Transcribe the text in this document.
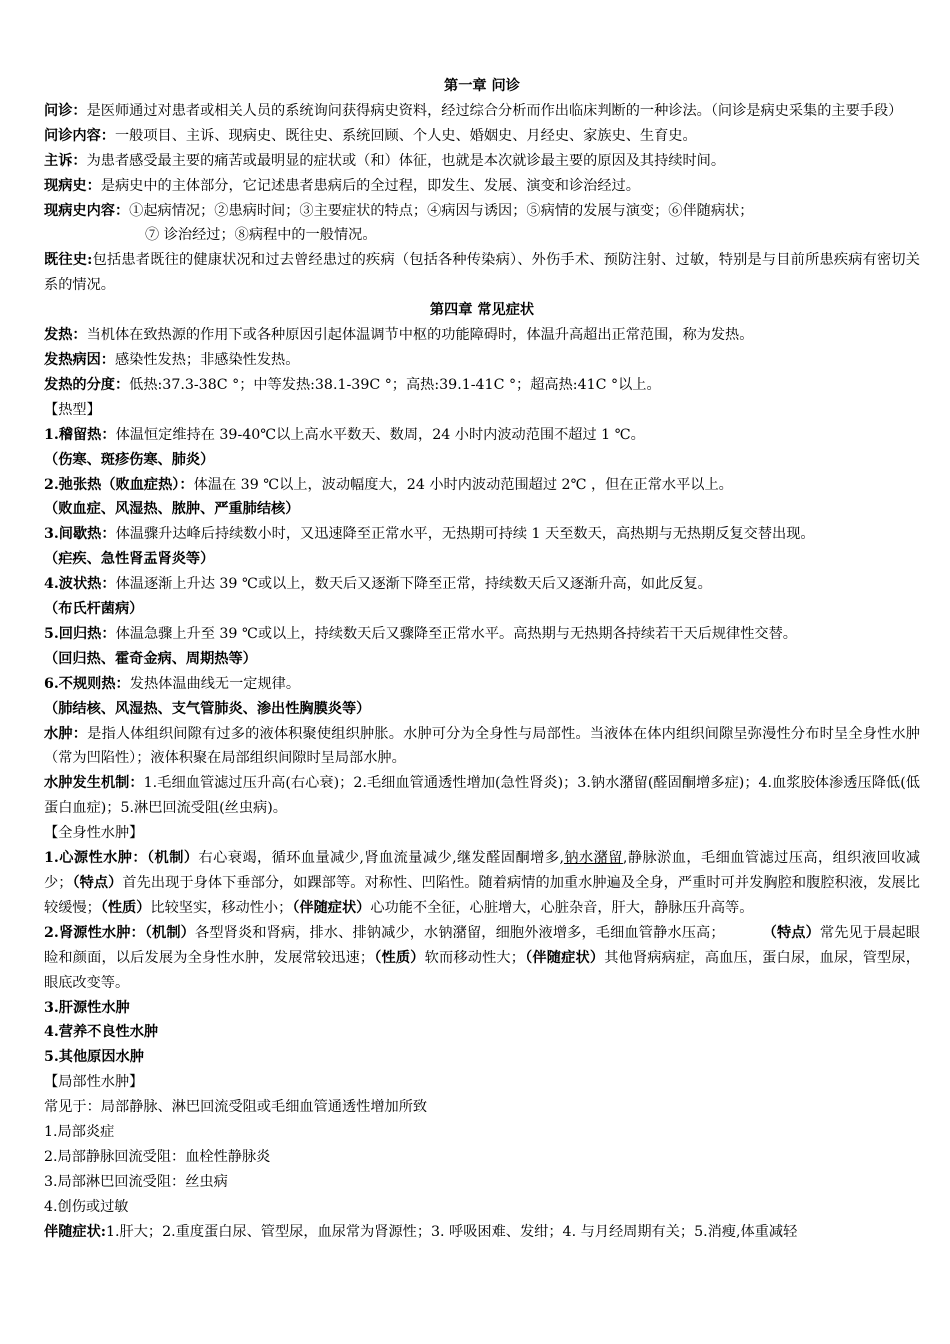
第一章 问诊

问诊：是医师通过对患者或相关人员的系统询问获得病史资料，经过综合分析而作出临床判断的一种诊法。（问诊是病史采集的主要手段）

问诊内容：一般项目、主诉、现病史、既往史、系统回顾、个人史、婚姻史、月经史、家族史、生育史。

主诉：为患者感受最主要的痛苦或最明显的症状或（和）体征，也就是本次就诊最主要的原因及其持续时间。

现病史：是病史中的主体部分，它记述患者患病后的全过程，即发生、发展、演变和诊治经过。

现病史内容：①起病情况；②患病时间；③主要症状的特点；④病因与诱因；⑤病情的发展与演变；⑥伴随病状；

⑦ 诊治经过；⑧病程中的一般情况。

既往史:包括患者既往的健康状况和过去曾经患过的疾病（包括各种传染病）、外伤手术、预防注射、过敏，特别是与目前所患疾病有密切关系的情况。

第四章 常见症状

发热：当机体在致热源的作用下或各种原因引起体温调节中枢的功能障碍时，体温升高超出正常范围，称为发热。

发热病因：感染性发热；非感染性发热。

发热的分度：低热:37.3-38C °；中等发热:38.1-39C °；高热:39.1-41C °；超高热:41C °以上。

【热型】

1.稽留热：体温恒定维持在 39-40℃以上高水平数天、数周，24 小时内波动范围不超过 1 ℃。

（伤寒、斑疹伤寒、肺炎）

2.弛张热（败血症热）：体温在 39 ℃以上，波动幅度大，24 小时内波动范围超过 2℃ ，但在正常水平以上。

（败血症、风湿热、脓肿、严重肺结核）

3.间歇热：体温骤升达峰后持续数小时，又迅速降至正常水平，无热期可持续 1 天至数天，高热期与无热期反复交替出现。

（疟疾、急性肾盂肾炎等）

4.波状热：体温逐渐上升达 39 ℃或以上，数天后又逐渐下降至正常，持续数天后又逐渐升高，如此反复。

（布氏杆菌病）

5.回归热：体温急骤上升至 39 ℃或以上，持续数天后又骤降至正常水平。高热期与无热期各持续若干天后规律性交替。

（回归热、霍奇金病、周期热等）

6.不规则热：发热体温曲线无一定规律。

（肺结核、风湿热、支气管肺炎、渗出性胸膜炎等）

水肿：是指人体组织间隙有过多的液体积聚使组织肿胀。水肿可分为全身性与局部性。当液体在体内组织间隙呈弥漫性分布时呈全身性水肿（常为凹陷性）；液体积聚在局部组织间隙时呈局部水肿。

水肿发生机制：1.毛细血管滤过压升高(右心衰)；2.毛细血管通透性增加(急性肾炎)；3.钠水潴留(醛固酮增多症)；4.血浆胶体渗透压降低(低蛋白血症)；5.淋巴回流受阻(丝虫病)。

【全身性水肿】

1.心源性水肿：（机制）右心衰竭，循环血量减少,肾血流量减少,继发醛固酮增多,钠水潴留,静脉淤血，毛细血管滤过压高，组织液回收减少；（特点）首先出现于身体下垂部分，如踝部等。对称性、凹陷性。随着病情的加重水肿遍及全身，严重时可并发胸腔和腹腔积液，发展比较缓慢；（性质）比较坚实，移动性小；（伴随症状）心功能不全征，心脏增大，心脏杂音，肝大，静脉压升高等。

2.肾源性水肿：（机制）各型肾炎和肾病，排水、排钠减少，水钠潴留，细胞外液增多，毛细血管静水压高；	（特点）常先见于晨起眼睑和颜面，以后发展为全身性水肿，发展常较迅速；（性质）软而移动性大；（伴随症状）其他肾病病症，高血压，蛋白尿，血尿，管型尿，眼底改变等。

3.肝源性水肿

4.营养不良性水肿

5.其他原因水肿

【局部性水肿】

常见于：局部静脉、淋巴回流受阻或毛细血管通透性增加所致

1.局部炎症

2.局部静脉回流受阻：血栓性静脉炎

3.局部淋巴回流受阻：丝虫病

4.创伤或过敏

伴随症状:1.肝大；2.重度蛋白尿、管型尿，血尿常为肾源性；3. 呼吸困难、发绀；4. 与月经周期有关；5.消瘦,体重减轻
